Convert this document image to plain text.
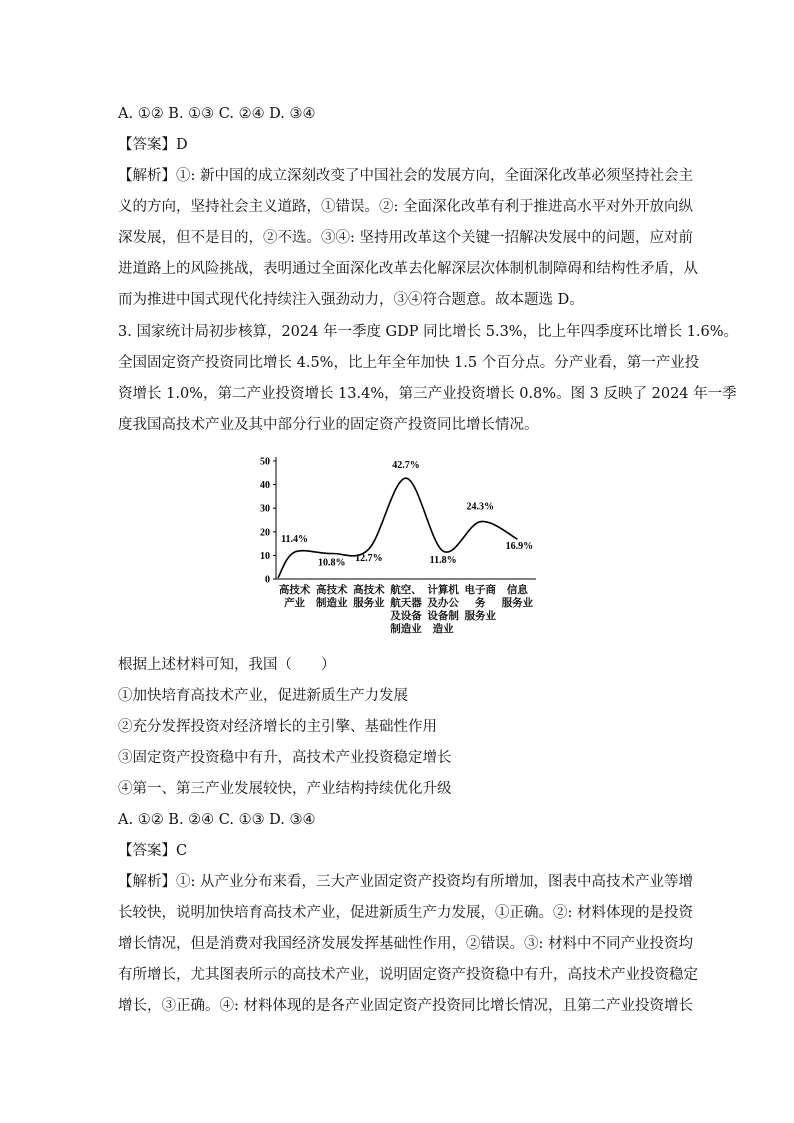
A. ①② B. ①③ C. ②④ D. ③④
【答案】D
【解析】①: 新中国的成立深刻改变了中国社会的发展方向，全面深化改革必须坚持社会主
义的方向，坚持社会主义道路，①错误。②: 全面深化改革有利于推进高水平对外开放向纵
深发展，但不是目的，②不选。③④: 坚持用改革这个关键一招解决发展中的问题，应对前
进道路上的风险挑战，表明通过全面深化改革去化解深层次体制机制障碍和结构性矛盾，从
而为推进中国式现代化持续注入强劲动力，③④符合题意。故本题选 D。
3. 国家统计局初步核算，2024 年一季度 GDP 同比增长 5.3%，比上年四季度环比增长 1.6%。
全国固定资产投资同比增长 4.5%，比上年全年加快 1.5 个百分点。分产业看，第一产业投
资增长 1.0%，第二产业投资增长 13.4%，第三产业投资增长 0.8%。图 3 反映了 2024 年一季
度我国高技术产业及其中部分行业的固定资产投资同比增长情况。
0
10
20
30
40
50
11.4%
10.8% 12.7%
42.7%
11.8%
24.3%
16.9%
高技术
产业
高技术
制造业
高技术
服务业
航空、
航天器
及设备
制造业
计算机
及办公
设备制
造业
电子商务
服务业
信息
服务业
根据上述材料可知，我国（　　）
①加快培育高技术产业，促进新质生产力发展
②充分发挥投资对经济增长的主引擎、基础性作用
③固定资产投资稳中有升，高技术产业投资稳定增长
④第一、第三产业发展较快，产业结构持续优化升级
A. ①② B. ②④ C. ①③ D. ③④
【答案】C
【解析】①: 从产业分布来看，三大产业固定资产投资均有所增加，图表中高技术产业等增
长较快，说明加快培育高技术产业，促进新质生产力发展，①正确。②: 材料体现的是投资
增长情况，但是消费对我国经济发展发挥基础性作用，②错误。③: 材料中不同产业投资均
有所增长，尤其图表所示的高技术产业，说明固定资产投资稳中有升，高技术产业投资稳定
增长，③正确。④: 材料体现的是各产业固定资产投资同比增长情况，且第二产业投资增长
